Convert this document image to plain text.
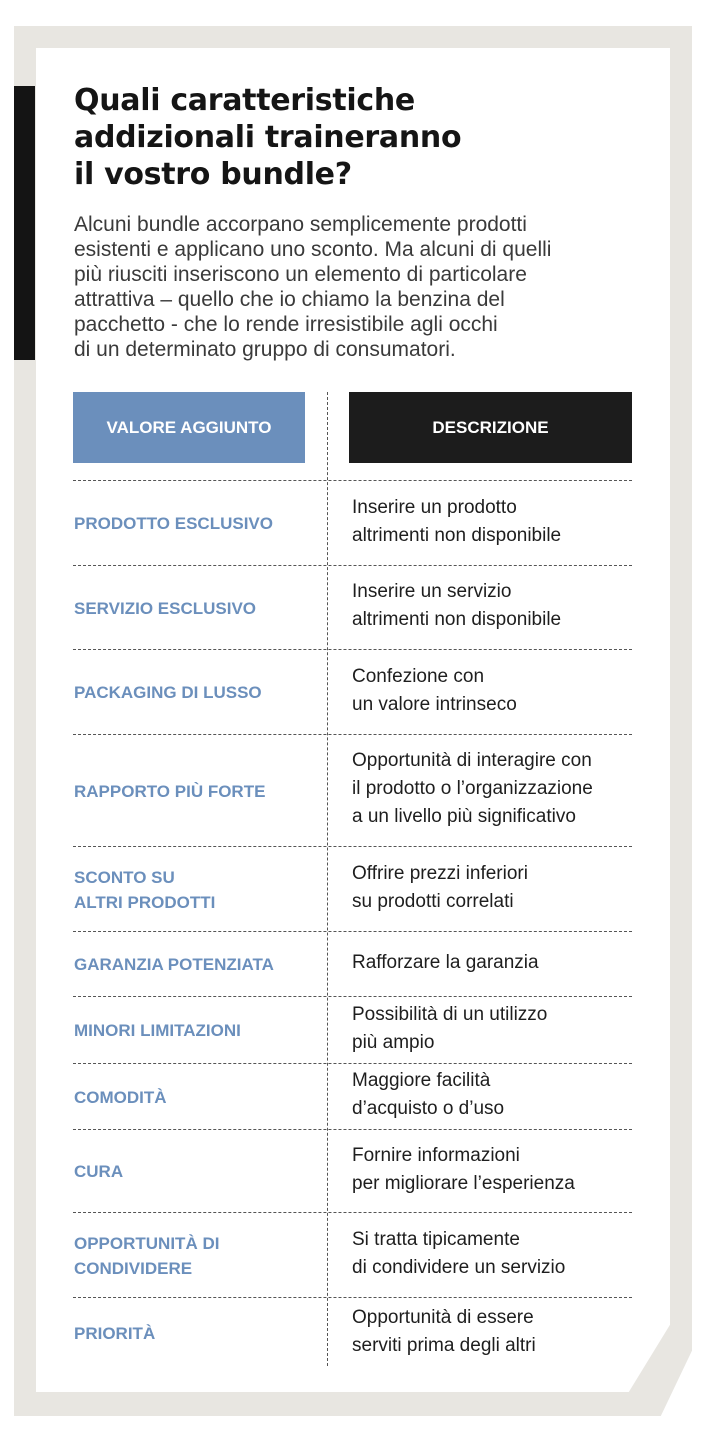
Quali caratteristiche
addizionali traineranno
il vostro bundle?

Alcuni bundle accorpano semplicemente prodotti
esistenti e applicano uno sconto. Ma alcuni di quelli
più riusciti inseriscono un elemento di particolare
attrattiva – quello che io chiamo la benzina del
pacchetto - che lo rende irresistibile agli occhi
di un determinato gruppo di consumatori.

VALORE AGGIUNTO	DESCRIZIONE
PRODOTTO ESCLUSIVO
Inserire un prodotto
altrimenti non disponibile
SERVIZIO ESCLUSIVO
Inserire un servizio
altrimenti non disponibile
PACKAGING DI LUSSO
Confezione con
un valore intrinseco
RAPPORTO PIÙ FORTE
Opportunità di interagire con
il prodotto o l’organizzazione
a un livello più significativo
SCONTO SU
ALTRI PRODOTTI
Offrire prezzi inferiori
su prodotti correlati
GARANZIA POTENZIATA	Rafforzare la garanzia
MINORI LIMITAZIONI
Possibilità di un utilizzo
più ampio
COMODITÀ
Maggiore facilità
d’acquisto o d’uso
CURA
Fornire informazioni
per migliorare l’esperienza
OPPORTUNITÀ DI
CONDIVIDERE
Si tratta tipicamente
di condividere un servizio
PRIORITÀ
Opportunità di essere
serviti prima degli altri
